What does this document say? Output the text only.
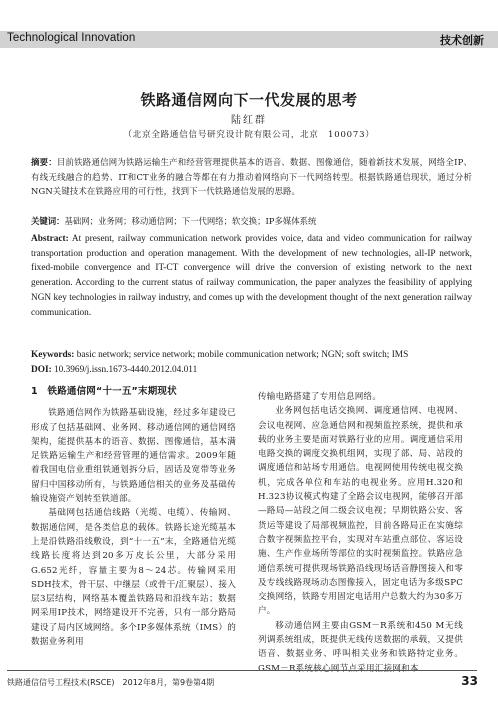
Technological Innovation	技术创新
铁路通信网向下一代发展的思考
陆红群
（北京全路通信信号研究设计院有限公司，北京　100073）
摘要：目前铁路通信网为铁路运输生产和经营管理提供基本的语音、数据、图像通信，随着新技术发展，网络全IP、有线无线融合的趋势、IT和CT业务的融合等都在有力推动着网络向下一代网络转型。根据铁路通信现状，通过分析NGN关键技术在铁路应用的可行性，找到下一代铁路通信发展的思路。
关键词：基础网；业务网；移动通信网；下一代网络；软交换；IP多媒体系统
Abstract: At present, railway communication network provides voice, data and video communication for railway transportation production and operation management. With the development of new technologies, all-IP network, fixed-mobile convergence and IT-CT convergence will drive the conversion of existing network to the next generation. According to the current status of railway communication, the paper analyzes the feasibility of applying NGN key technologies in railway industry, and comes up with the development thought of the next generation railway communication.
Keywords: basic network; service network; mobile communication network; NGN; soft switch; IMS
DOI: 10.3969/j.issn.1673-4440.2012.04.011
1　铁路通信网“十一五”末期现状

铁路通信网作为铁路基础设施，经过多年建设已形成了包括基础网、业务网、移动通信网的通信网络架构，能提供基本的语音、数据、图像通信，基本满足铁路运输生产和经营管理的通信需求。2009年随着我国电信业重组铁通划拆分后，固话及宽带等业务留归中国移动所有，与铁路通信相关的业务及基础传输设施资产划转至铁道部。

基础网包括通信线路（光缆、电缆）、传输网、数据通信网，是各类信息的载体。铁路长途光缆基本上是沿铁路沿线敷设，到“十一五”末，全路通信光缆线路长度将达到20多万皮长公里，大部分采用G.652光纤，容量主要为8～24芯。传输网采用SDH技术，骨干层、中继层（或骨干/汇聚层）、接入层3层结构，网络基本覆盖铁路局和沿线车站；数据网采用IP技术，网络建设开不完善，只有一部分路局建设了局内区域网络。多个IP多媒体系统（IMS）的数据业务利用

传输电路搭建了专用信息网络。

业务网包括电话交换网、调度通信网、电视网、会议电视网、应急通信网和视频监控系统，提供和承载的业务主要是面对铁路行业的应用。调度通信采用电路交换的调度交换机组网，实现了部、局、站段的调度通信和站场专用通信。电视网使用传统电视交换机，完成各单位和车站的电视业务。应用H.320和H.323协议模式构建了全路会议电视网，能够召开部—路局—站段之间二级会议电视；早期铁路公安、客货运等建设了局部视频监控，目前各路局正在实施综合数字视频监控平台，实现对车站重点部位、客运设施、生产作业场所等部位的实时视频监控。铁路应急通信系统可提供现场铁路沿线现场话音静图接入和零及专线线路现场动态图像接入，固定电话为多级SPC交换网络，铁路专用固定电话用户总数大约为30多万户。

移动通信网主要由GSM－R系统和450 M无线列调系统组成，既提供无线传送数据的承载，又提供语音、数据业务、呼叫相关业务和铁路特定业务。GSM－R系统核心网节点采用汇接网和本

铁路通信信号工程技术(RSCE)　2012年8月，第9卷第4期	33
